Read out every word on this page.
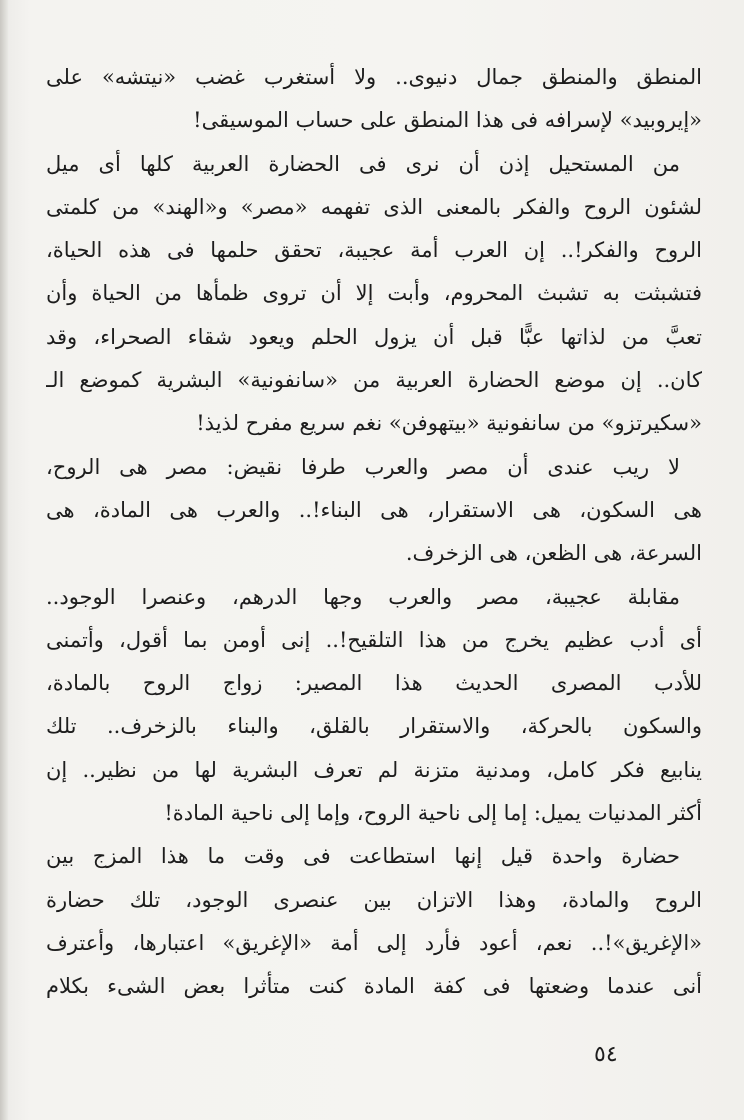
المنطق والمنطق جمال دنيوى.. ولا أستغرب غضب «نيتشه» على
«إيروبيد» لإسرافه فى هذا المنطق على حساب الموسيقى!
من المستحيل إذن أن نرى فى الحضارة العربية كلها أى ميل
لشئون الروح والفكر بالمعنى الذى تفهمه «مصر» و«الهند» من كلمتى
الروح والفكر!.. إن العرب أمة عجيبة، تحقق حلمها فى هذه الحياة،
فتشبثت به تشبث المحروم، وأبت إلا أن تروى ظمأها من الحياة وأن
تعبَّ من لذاتها عبًّا قبل أن يزول الحلم ويعود شقاء الصحراء، وقد
كان.. إن موضع الحضارة العربية من «سانفونية» البشرية كموضع الـ
«سكيرتزو» من سانفونية «بيتهوفن» نغم سريع مفرح لذيذ!
لا ريب عندى أن مصر والعرب طرفا نقيض: مصر هى الروح،
هى السكون، هى الاستقرار، هى البناء!.. والعرب هى المادة، هى
السرعة، هى الظعن، هى الزخرف.
مقابلة عجيبة، مصر والعرب وجها الدرهم، وعنصرا الوجود..
أى أدب عظيم يخرج من هذا التلقيح!.. إنى أومن بما أقول، وأتمنى
للأدب المصرى الحديث هذا المصير: زواج الروح بالمادة،
والسكون بالحركة، والاستقرار بالقلق، والبناء بالزخرف.. تلك
ينابيع فكر كامل، ومدنية متزنة لم تعرف البشرية لها من نظير.. إن
أكثر المدنيات يميل: إما إلى ناحية الروح، وإما إلى ناحية المادة!
حضارة واحدة قيل إنها استطاعت فى وقت ما هذا المزج بين
الروح والمادة، وهذا الاتزان بين عنصرى الوجود، تلك حضارة
«الإغريق»!.. نعم، أعود فأرد إلى أمة «الإغريق» اعتبارها، وأعترف
أنى عندما وضعتها فى كفة المادة كنت متأثرا بعض الشىء بكلام
٥٤
